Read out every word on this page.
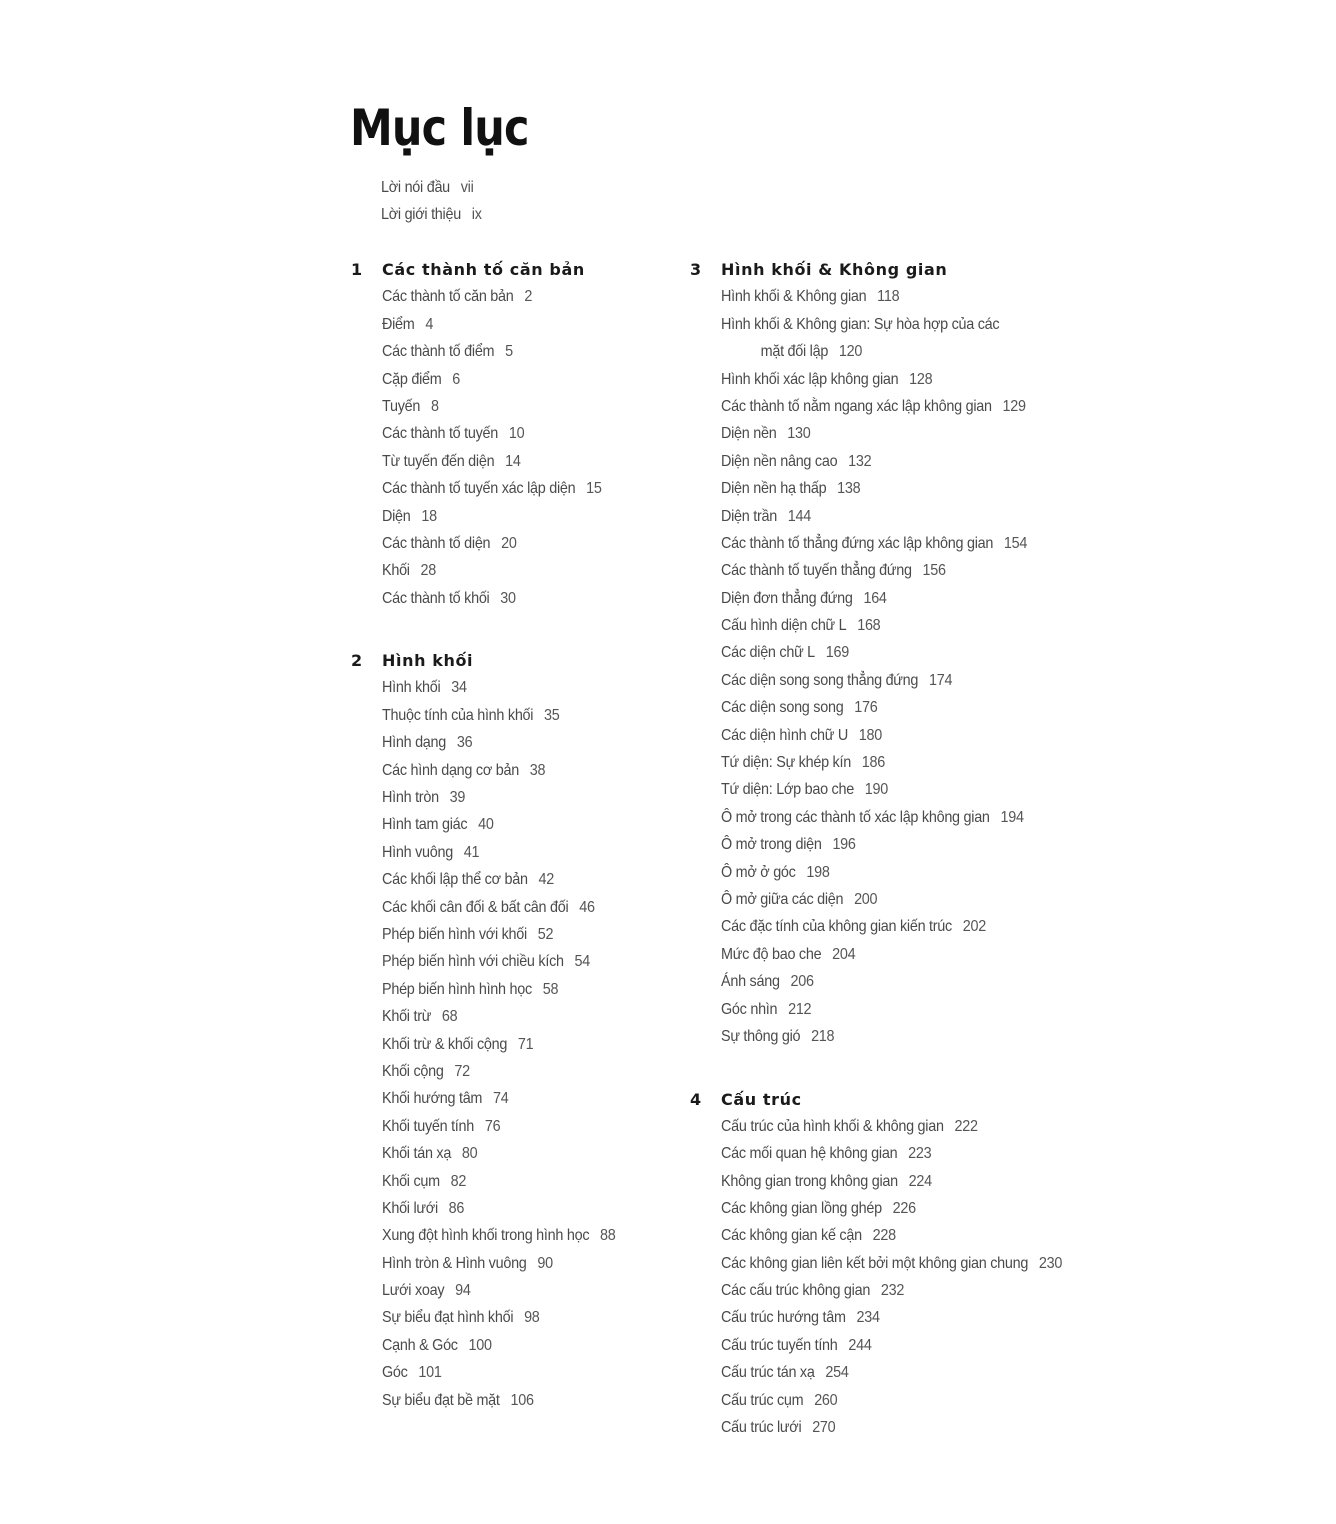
Mục lục
Lời nói đầu vii
Lời giới thiệu ix
1	Các thành tố căn bản
Các thành tố căn bản 2
Điểm 4
Các thành tố điểm 5
Cặp điểm 6
Tuyến 8
Các thành tố tuyến 10
Từ tuyến đến diện 14
Các thành tố tuyến xác lập diện 15
Diện 18
Các thành tố diện 20
Khối 28
Các thành tố khối 30
2	Hình khối
Hình khối 34
Thuộc tính của hình khối 35
Hình dạng 36
Các hình dạng cơ bản 38
Hình tròn 39
Hình tam giác 40
Hình vuông 41
Các khối lập thể cơ bản 42
Các khối cân đối & bất cân đối 46
Phép biến hình với khối 52
Phép biến hình với chiều kích 54
Phép biến hình hình học 58
Khối trừ 68
Khối trừ & khối cộng 71
Khối cộng 72
Khối hướng tâm 74
Khối tuyến tính 76
Khối tán xạ 80
Khối cụm 82
Khối lưới 86
Xung đột hình khối trong hình học 88
Hình tròn & Hình vuông 90
Lưới xoay 94
Sự biểu đạt hình khối 98
Cạnh & Góc 100
Góc 101
Sự biểu đạt bề mặt 106
3	Hình khối & Không gian
Hình khối & Không gian 118
Hình khối & Không gian: Sự hòa hợp của các
mặt đối lập 120
Hình khối xác lập không gian 128
Các thành tố nằm ngang xác lập không gian 129
Diện nền 130
Diện nền nâng cao 132
Diện nền hạ thấp 138
Diện trần 144
Các thành tố thẳng đứng xác lập không gian 154
Các thành tố tuyến thẳng đứng 156
Diện đơn thẳng đứng 164
Cấu hình diện chữ L 168
Các diện chữ L 169
Các diện song song thẳng đứng 174
Các diện song song 176
Các diện hình chữ U 180
Tứ diện: Sự khép kín 186
Tứ diện: Lớp bao che 190
Ô mở trong các thành tố xác lập không gian 194
Ô mở trong diện 196
Ô mở ở góc 198
Ô mở giữa các diện 200
Các đặc tính của không gian kiến trúc 202
Mức độ bao che 204
Ánh sáng 206
Góc nhìn 212
Sự thông gió 218
4	Cấu trúc
Cấu trúc của hình khối & không gian 222
Các mối quan hệ không gian 223
Không gian trong không gian 224
Các không gian lồng ghép 226
Các không gian kế cận 228
Các không gian liên kết bởi một không gian chung 230
Các cấu trúc không gian 232
Cấu trúc hướng tâm 234
Cấu trúc tuyến tính 244
Cấu trúc tán xạ 254
Cấu trúc cụm 260
Cấu trúc lưới 270
